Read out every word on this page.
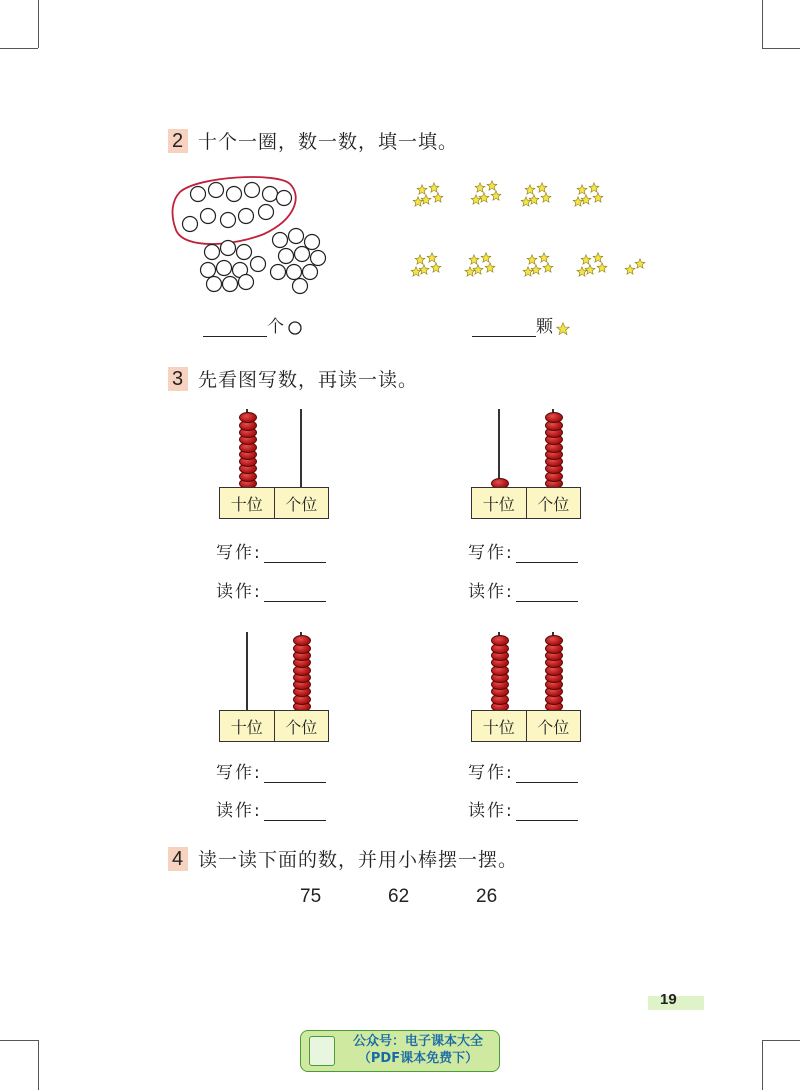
2 十个一圈，数一数，填一填。
个	颗
3 先看图写数，再读一读。
十位	个位	十位	个位
十位	个位	十位	个位
写作:
读作:
写作:
读作:
写作:
读作:
写作:
读作:
4 读一读下面的数，并用小棒摆一摆。
75	62	26
19
公众号：电子课本大全
（PDF课本免费下）
